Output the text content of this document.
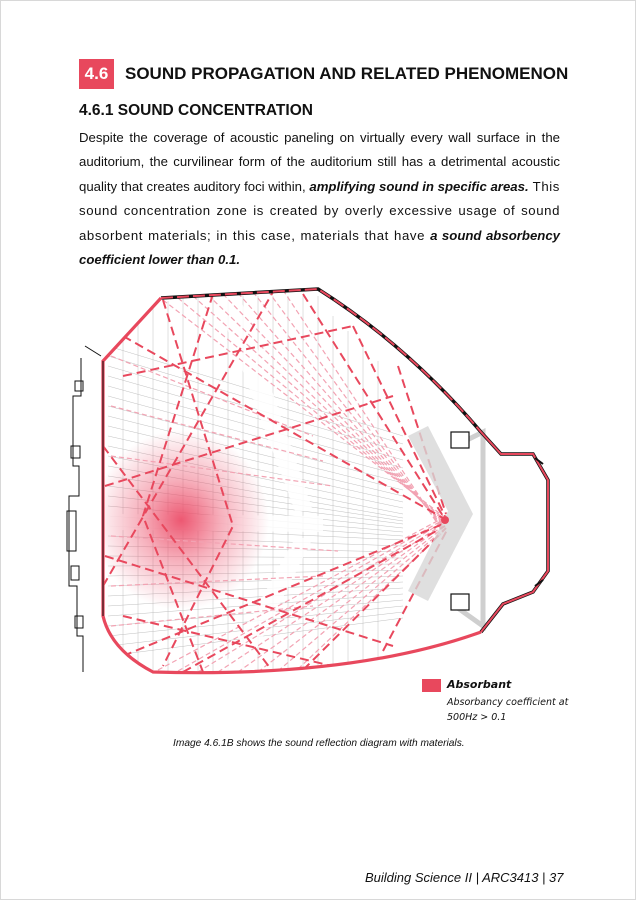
4.6 SOUND PROPAGATION AND RELATED PHENOMENON
4.6.1 SOUND CONCENTRATION
Despite the coverage of acoustic paneling on virtually every wall surface in the auditorium, the curvilinear form of the auditorium still has a detrimental acoustic quality that creates auditory foci within, amplifying sound in specific areas. This sound concentration zone is created by overly excessive usage of sound absorbent materials; in this case, materials that have a sound absorbency coefficient lower than 0.1.
Absorbant
Absorbancy coefficient at
500Hz > 0.1
Image 4.6.1B shows the sound reflection diagram with materials.
Building Science II | ARC3413 | 37
